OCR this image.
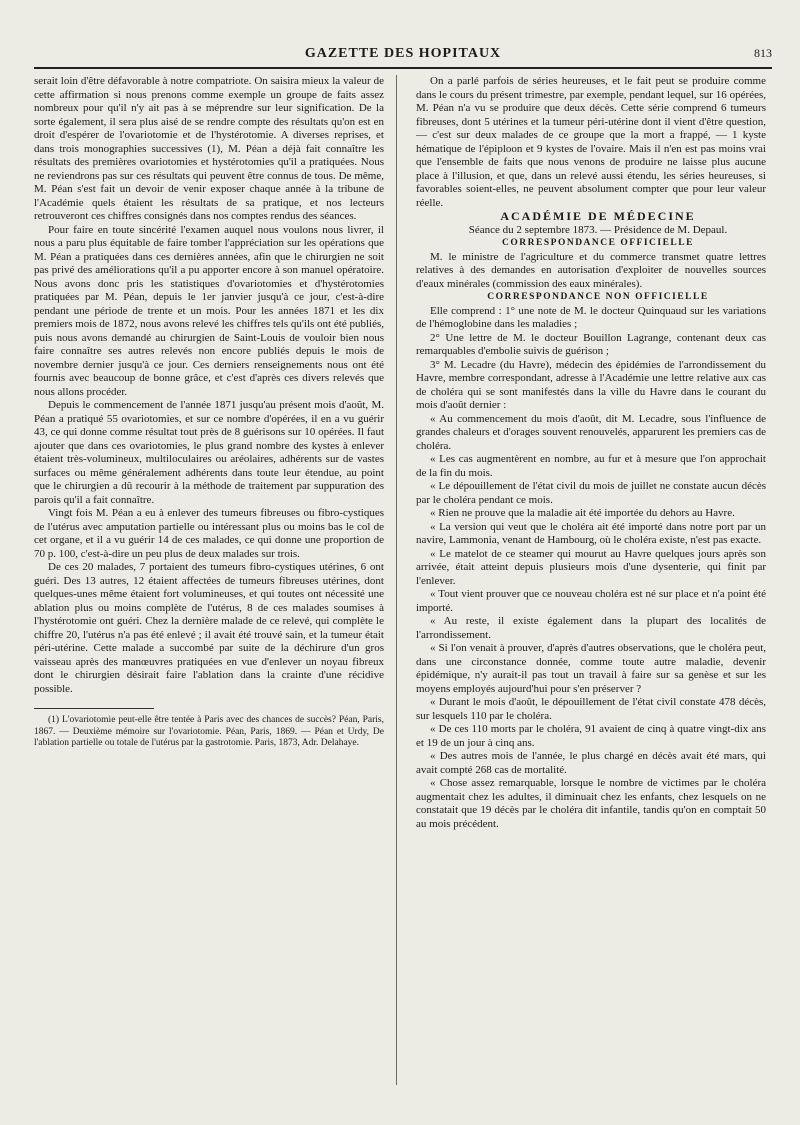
GAZETTE DES HOPITAUX	813

serait loin d'être défavorable à notre compatriote. On saisira mieux la valeur de cette affirmation si nous prenons comme exemple un groupe de faits assez nombreux pour qu'il n'y ait pas à se méprendre sur leur signification. De la sorte également, il sera plus aisé de se rendre compte des résultats qu'on est en droit d'espérer de l'ovariotomie et de l'hystérotomie. A diverses reprises, et dans trois monographies successives (1), M. Péan a déjà fait connaître les résultats des premières ovariotomies et hystérotomies qu'il a pratiquées. Nous ne reviendrons pas sur ces résultats qui peuvent être connus de tous. De même, M. Péan s'est fait un devoir de venir exposer chaque année à la tribune de l'Académie quels étaient les résultats de sa pratique, et nos lecteurs retrouveront ces chiffres consignés dans nos comptes rendus des séances.

Pour faire en toute sincérité l'examen auquel nous voulons nous livrer, il nous a paru plus équitable de faire tomber l'appréciation sur les opérations que M. Péan a pratiquées dans ces dernières années, afin que le chirurgien ne soit pas privé des améliorations qu'il a pu apporter encore à son manuel opératoire. Nous avons donc pris les statistiques d'ovariotomies et d'hystérotomies pratiquées par M. Péan, depuis le 1er janvier jusqu'à ce jour, c'est-à-dire pendant une période de trente et un mois. Pour les années 1871 et les dix premiers mois de 1872, nous avons relevé les chiffres tels qu'ils ont été publiés, puis nous avons demandé au chirurgien de Saint-Louis de vouloir bien nous faire connaître ses autres relevés non encore publiés depuis le mois de novembre dernier jusqu'à ce jour. Ces derniers renseignements nous ont été fournis avec beaucoup de bonne grâce, et c'est d'après ces divers relevés que nous allons procéder.

Depuis le commencement de l'année 1871 jusqu'au présent mois d'août, M. Péan a pratiqué 55 ovariotomies, et sur ce nombre d'opérées, il en a vu guérir 43, ce qui donne comme résultat tout près de 8 guérisons sur 10 opérées. Il faut ajouter que dans ces ovariotomies, le plus grand nombre des kystes à enlever étaient très-volumineux, multiloculaires ou aréolaires, adhérents sur de vastes surfaces ou même généralement adhérents dans toute leur étendue, au point que le chirurgien a dû recourir à la méthode de traitement par suppuration des parois qu'il a fait connaître.

Vingt fois M. Péan a eu à enlever des tumeurs fibreuses ou fibro-cystiques de l'utérus avec amputation partielle ou intéressant plus ou moins bas le col de cet organe, et il a vu guérir 14 de ces malades, ce qui donne une proportion de 70 p. 100, c'est-à-dire un peu plus de deux malades sur trois.

De ces 20 malades, 7 portaient des tumeurs fibro-cystiques utérines, 6 ont guéri. Des 13 autres, 12 étaient affectées de tumeurs fibreuses utérines, dont quelques-unes même étaient fort volumineuses, et qui toutes ont nécessité une ablation plus ou moins complète de l'utérus, 8 de ces malades soumises à l'hystérotomie ont guéri. Chez la dernière malade de ce relevé, qui complète le chiffre 20, l'utérus n'a pas été enlevé ; il avait été trouvé sain, et la tumeur était péri-utérine. Cette malade a succombé par suite de la déchirure d'un gros vaisseau après des manœuvres pratiquées en vue d'enlever un noyau fibreux dont le chirurgien désirait faire l'ablation dans la crainte d'une récidive possible.

(1) L'ovariotomie peut-elle être tentée à Paris avec des chances de succès? Péan, Paris, 1867. — Deuxième mémoire sur l'ovariotomie. Péan, Paris, 1869. — Péan et Urdy, De l'ablation partielle ou totale de l'utérus par la gastrotomie. Paris, 1873, Adr. Delahaye.

On a parlé parfois de séries heureuses, et le fait peut se produire comme dans le cours du présent trimestre, par exemple, pendant lequel, sur 16 opérées, M. Péan n'a vu se produire que deux décès. Cette série comprend 6 tumeurs fibreuses, dont 5 utérines et la tumeur péri-utérine dont il vient d'être question, — c'est sur deux malades de ce groupe que la mort a frappé, — 1 kyste hématique de l'épiploon et 9 kystes de l'ovaire. Mais il n'en est pas moins vrai que l'ensemble de faits que nous venons de produire ne laisse plus aucune place à l'illusion, et que, dans un relevé aussi étendu, les séries heureuses, si favorables soient-elles, ne peuvent absolument compter que pour leur valeur réelle.

ACADÉMIE DE MÉDECINE

Séance du 2 septembre 1873. — Présidence de M. Depaul.

CORRESPONDANCE OFFICIELLE

M. le ministre de l'agriculture et du commerce transmet quatre lettres relatives à des demandes en autorisation d'exploiter de nouvelles sources d'eaux minérales (commission des eaux minérales).

CORRESPONDANCE NON OFFICIELLE

Elle comprend : 1° une note de M. le docteur Quinquaud sur les variations de l'hémoglobine dans les maladies ;

2° Une lettre de M. le docteur Bouillon Lagrange, contenant deux cas remarquables d'embolie suivis de guérison ;

3° M. Lecadre (du Havre), médecin des épidémies de l'arrondissement du Havre, membre correspondant, adresse à l'Académie une lettre relative aux cas de choléra qui se sont manifestés dans la ville du Havre dans le courant du mois d'août dernier :

« Au commencement du mois d'août, dit M. Lecadre, sous l'influence de grandes chaleurs et d'orages souvent renouvelés, apparurent les premiers cas de choléra.

« Les cas augmentèrent en nombre, au fur et à mesure que l'on approchait de la fin du mois.

« Le dépouillement de l'état civil du mois de juillet ne constate aucun décès par le choléra pendant ce mois.

« Rien ne prouve que la maladie ait été importée du dehors au Havre.

« La version qui veut que le choléra ait été importé dans notre port par un navire, Lammonia, venant de Hambourg, où le choléra existe, n'est pas exacte.

« Le matelot de ce steamer qui mourut au Havre quelques jours après son arrivée, était atteint depuis plusieurs mois d'une dysenterie, qui finit par l'enlever.

« Tout vient prouver que ce nouveau choléra est né sur place et n'a point été importé.

« Au reste, il existe également dans la plupart des localités de l'arrondissement.

« Si l'on venait à prouver, d'après d'autres observations, que le choléra peut, dans une circonstance donnée, comme toute autre maladie, devenir épidémique, n'y aurait-il pas tout un travail à faire sur sa genèse et sur les moyens employés aujourd'hui pour s'en préserver ?

« Durant le mois d'août, le dépouillement de l'état civil constate 478 décès, sur lesquels 110 par le choléra.

« De ces 110 morts par le choléra, 91 avaient de cinq à quatre vingt-dix ans et 19 de un jour à cinq ans.

« Des autres mois de l'année, le plus chargé en décès avait été mars, qui avait compté 268 cas de mortalité.

« Chose assez remarquable, lorsque le nombre de victimes par le choléra augmentait chez les adultes, il diminuait chez les enfants, chez lesquels on ne constatait que 19 décès par le choléra dit infantile, tandis qu'on en comptait 50 au mois précédent.
